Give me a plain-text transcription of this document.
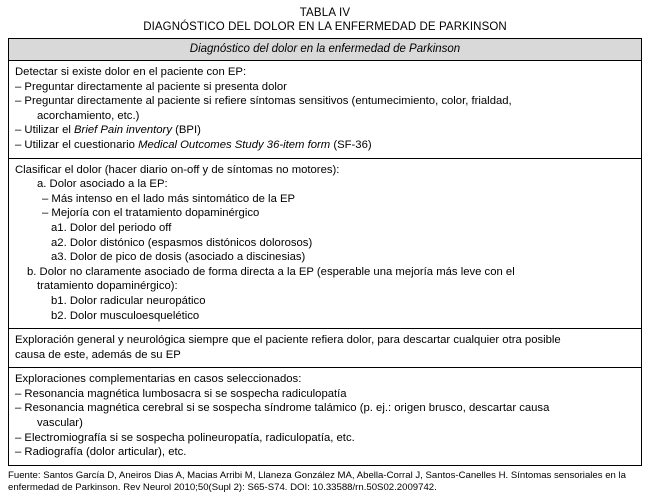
TABLA IV
DIAGNÓSTICO DEL DOLOR EN LA ENFERMEDAD DE PARKINSON
Diagnóstico del dolor en la enfermedad de Parkinson
Detectar si existe dolor en el paciente con EP:
– Preguntar directamente al paciente si presenta dolor
– Preguntar directamente al paciente si refiere síntomas sensitivos (entumecimiento, color, frialdad,
acorchamiento, etc.)
– Utilizar el Brief Pain inventory (BPI)
– Utilizar el cuestionario Medical Outcomes Study 36-item form (SF-36)
Clasificar el dolor (hacer diario on-off y de síntomas no motores):
a. Dolor asociado a la EP:
– Más intenso en el lado más sintomático de la EP
– Mejoría con el tratamiento dopaminérgico
a1. Dolor del periodo off
a2. Dolor distónico (espasmos distónicos dolorosos)
a3. Dolor de pico de dosis (asociado a discinesias)
b. Dolor no claramente asociado de forma directa a la EP (esperable una mejoría más leve con el
tratamiento dopaminérgico):
b1. Dolor radicular neuropático
b2. Dolor musculoesquelético
Exploración general y neurológica siempre que el paciente refiera dolor, para descartar cualquier otra posible
causa de este, además de su EP
Exploraciones complementarias en casos seleccionados:
– Resonancia magnética lumbosacra si se sospecha radiculopatía
– Resonancia magnética cerebral si se sospecha síndrome talámico (p. ej.: origen brusco, descartar causa
vascular)
– Electromiografía si se sospecha polineuropatía, radiculopatía, etc.
– Radiografía (dolor articular), etc.
Fuente: Santos García D, Aneiros Dias A, Macias Arribi M, Llaneza González MA, Abella-Corral J, Santos-Canelles H. Síntomas sensoriales en la enfermedad de Parkinson. Rev Neurol 2010;50(Supl 2): S65-S74. DOI: 10.33588/rn.50S02.2009742.
